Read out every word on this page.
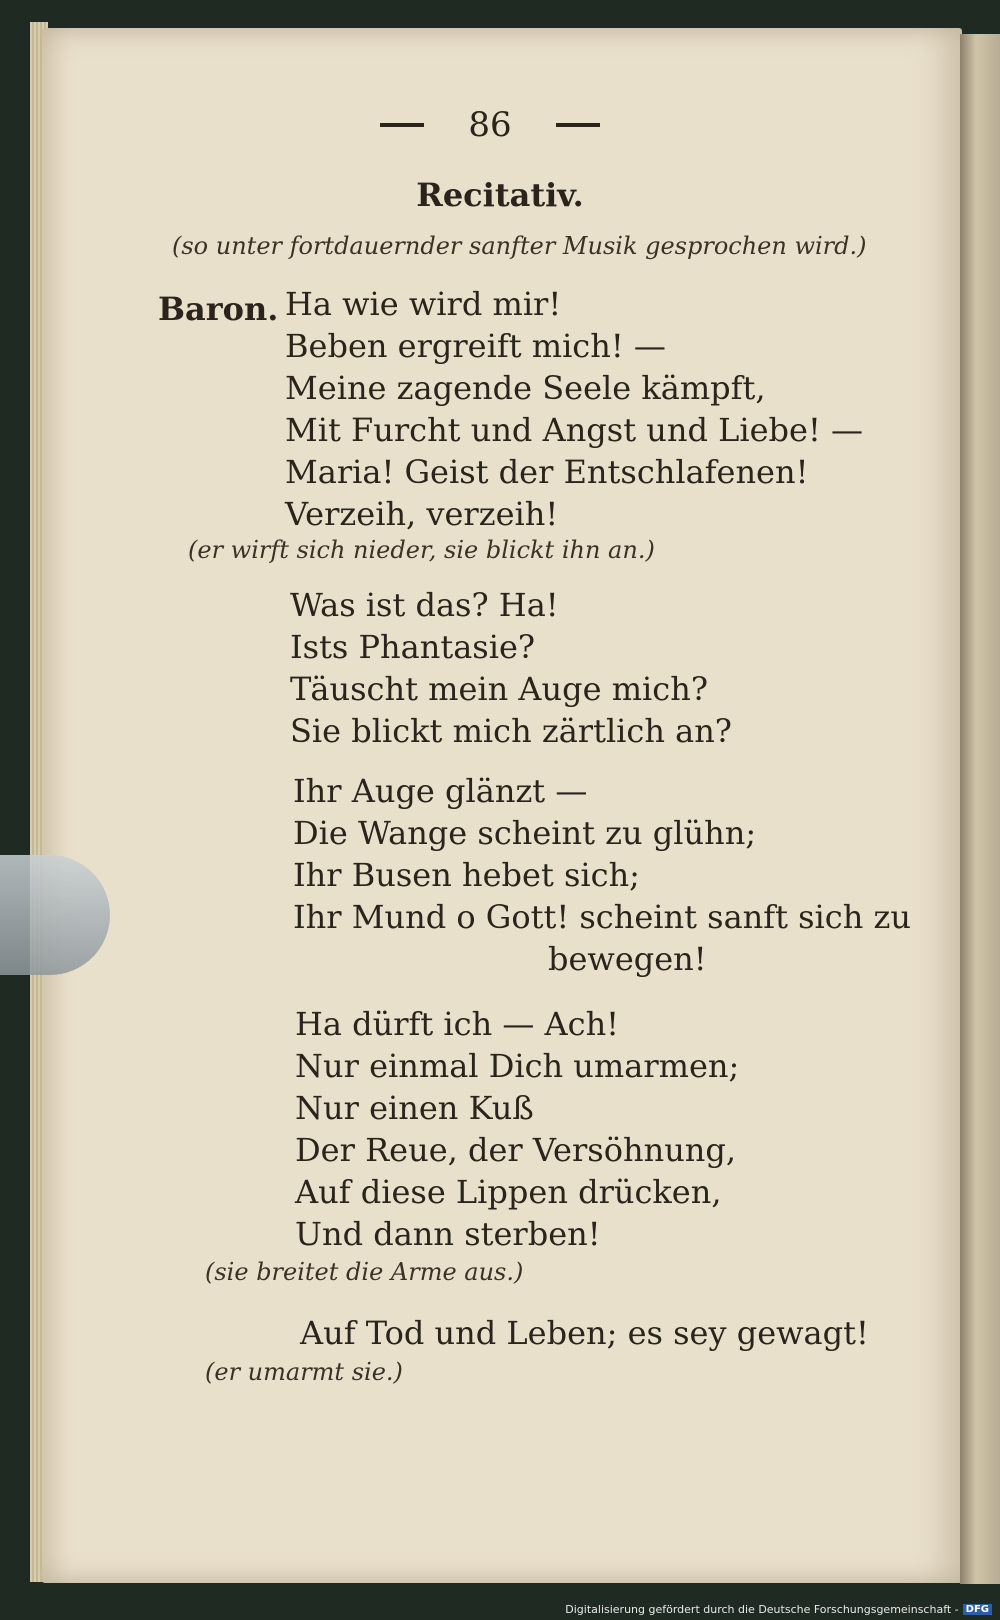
86
Recitativ.
(so unter fortdauernder sanfter Musik gesprochen wird.)
Baron. Ha wie wird mir!
Beben ergreift mich! —
Meine zagende Seele kämpft,
Mit Furcht und Angst und Liebe! —
Maria! Geist der Entschlafenen!
Verzeih, verzeih!
(er wirft sich nieder, sie blickt ihn an.)
Was ist das? Ha!
Ists Phantasie?
Täuscht mein Auge mich?
Sie blickt mich zärtlich an?
Ihr Auge glänzt —
Die Wange scheint zu glühn;
Ihr Busen hebet sich;
Ihr Mund o Gott! scheint sanft sich zu
bewegen!
Ha dürft ich — Ach!
Nur einmal Dich umarmen;
Nur einen Kuß
Der Reue, der Versöhnung,
Auf diese Lippen drücken,
Und dann sterben!
(sie breitet die Arme aus.)
Auf Tod und Leben; es sey gewagt!
(er umarmt sie.)
Digitalisierung gefördert durch die Deutsche Forschungsgemeinschaft - DFG
